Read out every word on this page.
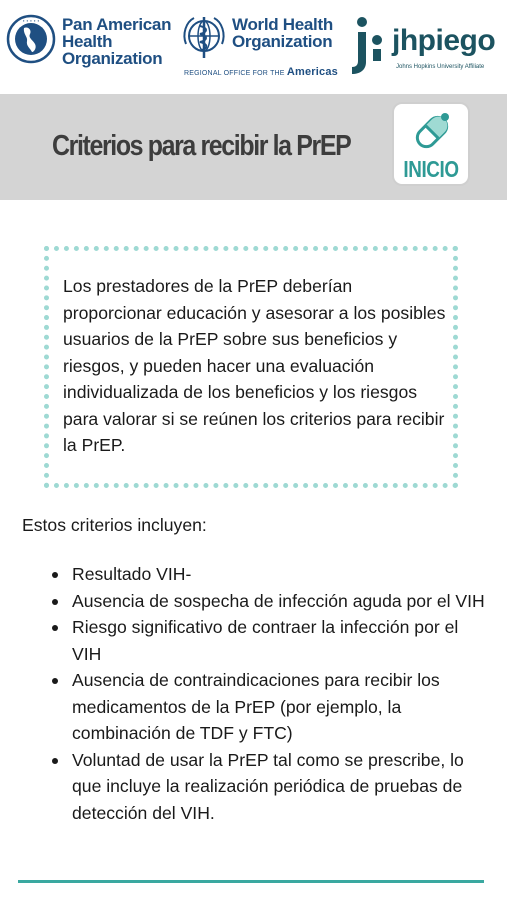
• • • • • Pan American
Health
Organization
World Health
Organization
REGIONAL OFFICE FOR THE Americas
jhpiego
Johns Hopkins University Affiliate
Criterios para recibir la PrEP
INICIO

Los prestadores de la PrEP deberían proporcionar educación y asesorar a los posibles usuarios de la PrEP sobre sus beneficios y riesgos, y pueden hacer una evaluación individualizada de los beneficios y los riesgos para valorar si se reúnen los criterios para recibir la PrEP.

Estos criterios incluyen:

Resultado VIH-
Ausencia de sospecha de infección aguda por el VIH
Riesgo significativo de contraer la infección por el VIH
Ausencia de contraindicaciones para recibir los medicamentos de la PrEP (por ejemplo, la combinación de TDF y FTC)
Voluntad de usar la PrEP tal como se prescribe, lo que incluye la realización periódica de pruebas de detección del VIH.
